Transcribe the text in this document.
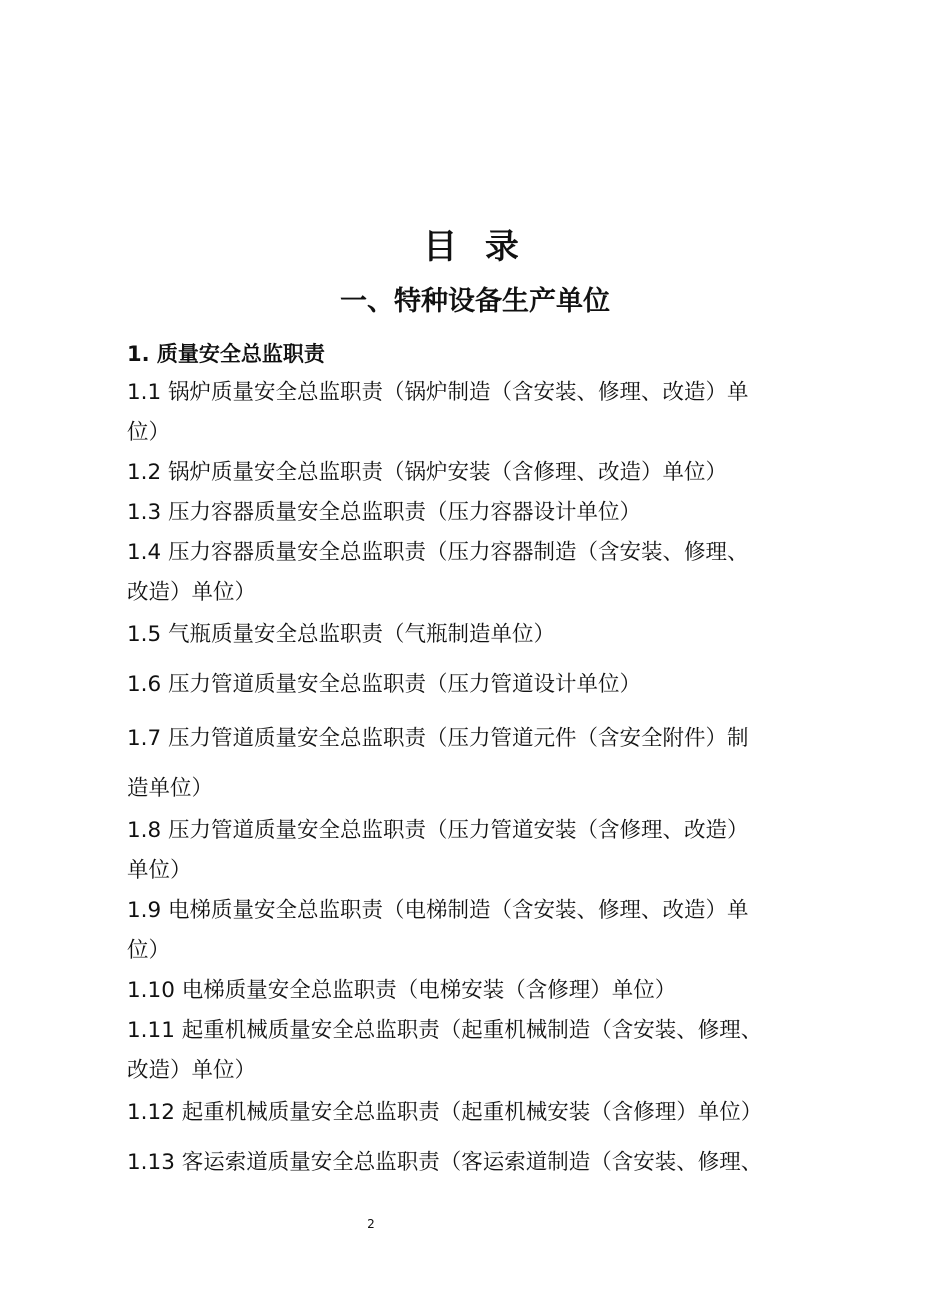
目 录
一、特种设备生产单位
1. 质量安全总监职责
1.1 锅炉质量安全总监职责（锅炉制造（含安装、修理、改造）单
位）
1.2 锅炉质量安全总监职责（锅炉安装（含修理、改造）单位）
1.3 压力容器质量安全总监职责（压力容器设计单位）
1.4 压力容器质量安全总监职责（压力容器制造（含安装、修理、
改造）单位）
1.5 气瓶质量安全总监职责（气瓶制造单位）
1.6 压力管道质量安全总监职责（压力管道设计单位）
1.7 压力管道质量安全总监职责（压力管道元件（含安全附件）制
造单位）
1.8 压力管道质量安全总监职责（压力管道安装（含修理、改造）
单位）
1.9 电梯质量安全总监职责（电梯制造（含安装、修理、改造）单
位）
1.10 电梯质量安全总监职责（电梯安装（含修理）单位）
1.11 起重机械质量安全总监职责（起重机械制造（含安装、修理、
改造）单位）
1.12 起重机械质量安全总监职责（起重机械安装（含修理）单位）
1.13 客运索道质量安全总监职责（客运索道制造（含安装、修理、
2
